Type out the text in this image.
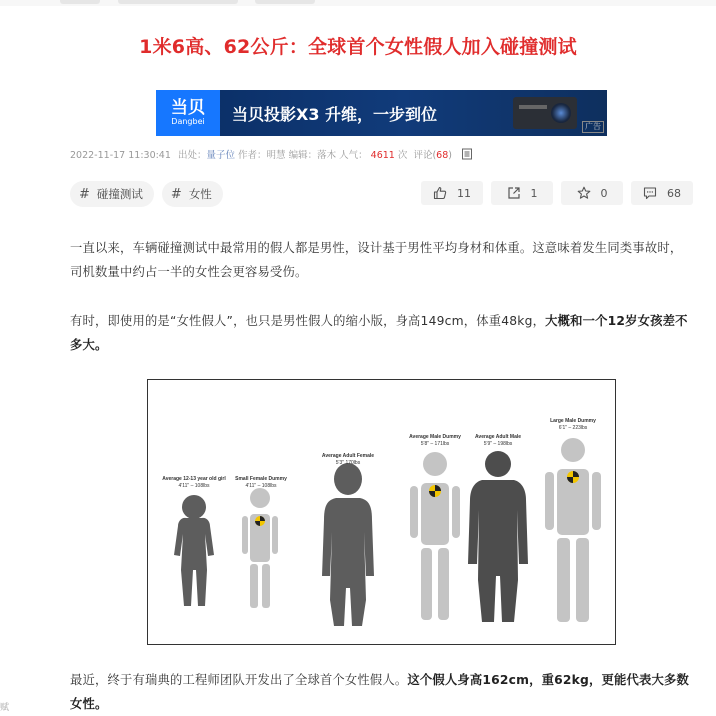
1米6高、62公斤：全球首个女性假人加入碰撞测试
当贝
Dangbei 当贝投影X3 升维，一步到位
广告
2022-11-17 11:30:41 出处：量子位 作者：明慧 编辑：落木 人气： 4611 次 评论(68)
# 碰撞测试 # 女性	11	1	0	68

一直以来，车辆碰撞测试中最常用的假人都是男性，设计基于男性平均身材和体重。这意味着发生同类事故时，司机数量中约占一半的女性会更容易受伤。

有时，即使用的是“女性假人”，也只是男性假人的缩小版，身高149cm，体重48kg，大概和一个12岁女孩差不多大。

Average 12-13 year old girl
4'11" – 108lbs
Small Female Dummy
4'11" – 108lbs
Average Adult Female
5'3" 170lbs
Average Male Dummy
5'8" – 171lbs
Average Adult Male
5'9" – 198lbs
Large Male Dummy
6'1" – 223lbs

最近，终于有瑞典的工程师团队开发出了全球首个女性假人。这个假人身高162cm，重62kg，更能代表大多数女性。

赋
